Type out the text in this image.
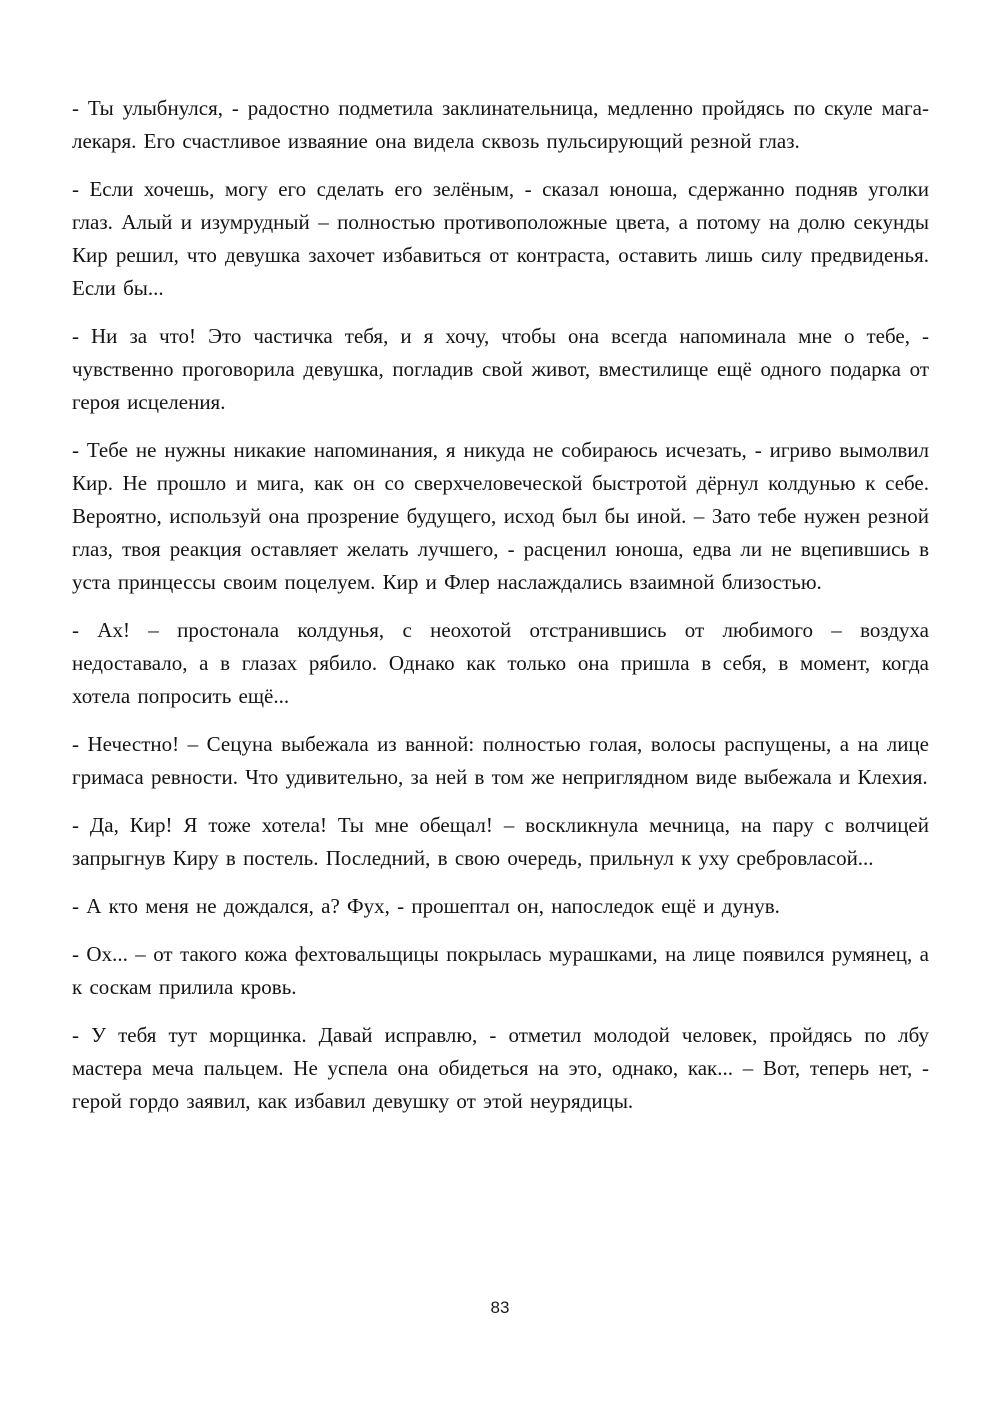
- Ты улыбнулся, - радостно подметила заклинательница, медленно пройдясь по скуле мага-лекаря. Его счастливое изваяние она видела сквозь пульсирующий резной глаз.

- Если хочешь, могу его сделать его зелёным, - сказал юноша, сдержанно подняв уголки глаз. Алый и изумрудный – полностью противоположные цвета, а потому на долю секунды Кир решил, что девушка захочет избавиться от контраста, оставить лишь силу предвиденья. Если бы...

- Ни за что! Это частичка тебя, и я хочу, чтобы она всегда напоминала мне о тебе, - чувственно проговорила девушка, погладив свой живот, вместилище ещё одного подарка от героя исцеления.

- Тебе не нужны никакие напоминания, я никуда не собираюсь исчезать, - игриво вымолвил Кир. Не прошло и мига, как он со сверхчеловеческой быстротой дёрнул колдунью к себе. Вероятно, используй она прозрение будущего, исход был бы иной. – Зато тебе нужен резной глаз, твоя реакция оставляет желать лучшего, - расценил юноша, едва ли не вцепившись в уста принцессы своим поцелуем. Кир и Флер наслаждались взаимной близостью.

- Ах! – простонала колдунья, с неохотой отстранившись от любимого – воздуха недоставало, а в глазах рябило. Однако как только она пришла в себя, в момент, когда хотела попросить ещё...

- Нечестно! – Сецуна выбежала из ванной: полностью голая, волосы распущены, а на лице гримаса ревности. Что удивительно, за ней в том же неприглядном виде выбежала и Клехия.

- Да, Кир! Я тоже хотела! Ты мне обещал! – воскликнула мечница, на пару с волчицей запрыгнув Киру в постель. Последний, в свою очередь, прильнул к уху сребровласой...

- А кто меня не дождался, а? Фух, - прошептал он, напоследок ещё и дунув.

- Ох... – от такого кожа фехтовальщицы покрылась мурашками, на лице появился румянец, а к соскам прилила кровь.

- У тебя тут морщинка. Давай исправлю, - отметил молодой человек, пройдясь по лбу мастера меча пальцем. Не успела она обидеться на это, однако, как... – Вот, теперь нет, - герой гордо заявил, как избавил девушку от этой неурядицы.

83
